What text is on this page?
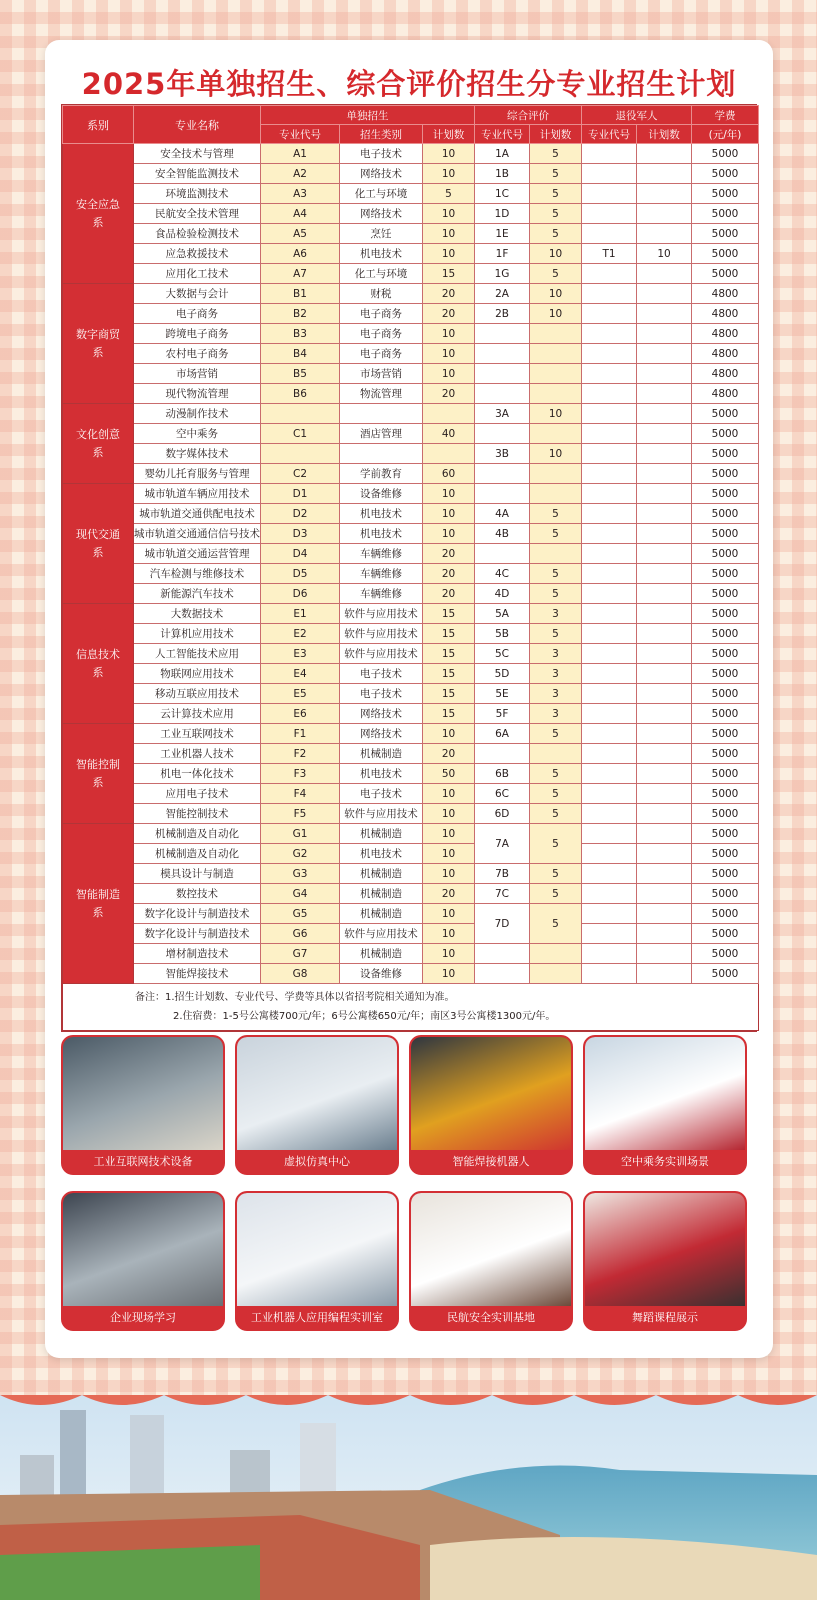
2025年单独招生、综合评价招生分专业招生计划
系别	专业名称	单独招生			综合评价		退役军人		学费
		专业代号	招生类别	计划数	专业代号	计划数	专业代号	计划数	(元/年)
安全应急系	安全技术与管理	A1	电子技术	10	1A	5			5000
	安全智能监测技术	A2	网络技术	10	1B	5			5000
	环境监测技术	A3	化工与环境	5	1C	5			5000
	民航安全技术管理	A4	网络技术	10	1D	5			5000
	食品检验检测技术	A5	烹饪	10	1E	5			5000
	应急救援技术	A6	机电技术	10	1F	10	T1	10	5000
	应用化工技术	A7	化工与环境	15	1G	5			5000
数字商贸系	大数据与会计	B1	财税	20	2A	10			4800
	电子商务	B2	电子商务	20	2B	10			4800
	跨境电子商务	B3	电子商务	10					4800
	农村电子商务	B4	电子商务	10					4800
	市场营销	B5	市场营销	10					4800
	现代物流管理	B6	物流管理	20					4800
文化创意系	动漫制作技术				3A	10			5000
	空中乘务	C1	酒店管理	40					5000
	数字媒体技术				3B	10			5000
	婴幼儿托育服务与管理	C2	学前教育	60					5000
现代交通系	城市轨道车辆应用技术	D1	设备维修	10					5000
	城市轨道交通供配电技术	D2	机电技术	10	4A	5			5000
	城市轨道交通通信信号技术	D3	机电技术	10	4B	5			5000
	城市轨道交通运营管理	D4	车辆维修	20					5000
	汽车检测与维修技术	D5	车辆维修	20	4C	5			5000
	新能源汽车技术	D6	车辆维修	20	4D	5			5000
信息技术系	大数据技术	E1	软件与应用技术	15	5A	3			5000
	计算机应用技术	E2	软件与应用技术	15	5B	5			5000
	人工智能技术应用	E3	软件与应用技术	15	5C	3			5000
	物联网应用技术	E4	电子技术	15	5D	3			5000
	移动互联应用技术	E5	电子技术	15	5E	3			5000
	云计算技术应用	E6	网络技术	15	5F	3			5000
智能控制系	工业互联网技术	F1	网络技术	10	6A	5			5000
	工业机器人技术	F2	机械制造	20					5000
	机电一体化技术	F3	机电技术	50	6B	5			5000
	应用电子技术	F4	电子技术	10	6C	5			5000
	智能控制技术	F5	软件与应用技术	10	6D	5			5000
智能制造系	机械制造及自动化	G1	机械制造	10	7A	5			5000
	机械制造及自动化	G2	机电技术	10					5000
	模具设计与制造	G3	机械制造	10	7B	5			5000
	数控技术	G4	机械制造	20	7C	5			5000
	数字化设计与制造技术	G5	机械制造	10	7D	5			5000
	数字化设计与制造技术	G6	软件与应用技术	10					5000
	增材制造技术	G7	机械制造	10					5000
	智能焊接技术	G8	设备维修	10					5000

备注：1.招生计划数、专业代号、学费等具体以省招考院相关通知为准。
2.住宿费：1-5号公寓楼700元/年；6号公寓楼650元/年；南区3号公寓楼1300元/年。									
工业互联网技术设备	虚拟仿真中心	智能焊接机器人	空中乘务实训场景
企业现场学习	工业机器人应用编程实训室	民航安全实训基地	舞蹈课程展示
